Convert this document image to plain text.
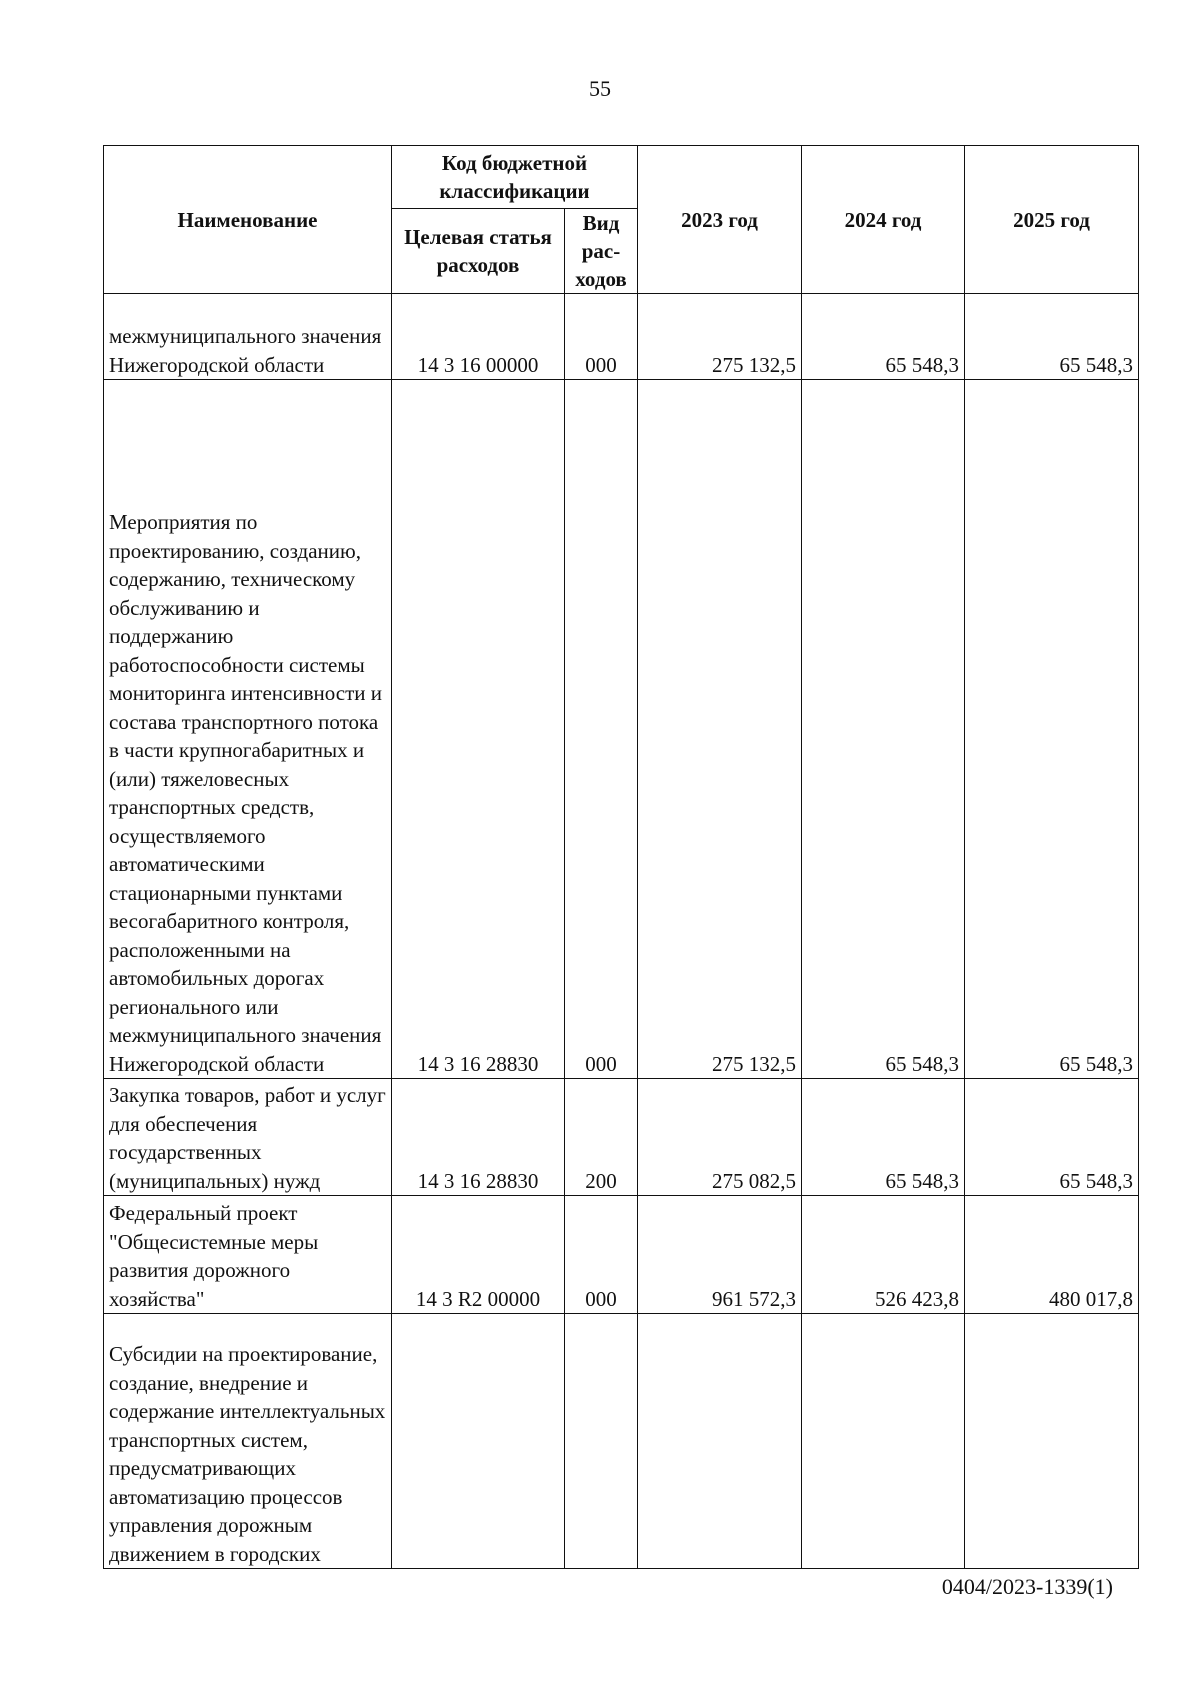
55
Наименование	Код бюджетной классификации		2023 год	2024 год	2025 год
	Целевая статья расходов	Вид рас-ходов			
межмуниципального значения Нижегородской области	14 3 16 00000	000	275 132,5	65 548,3	65 548,3
Мероприятия по проектированию, созданию, содержанию, техническому обслуживанию и поддержанию работоспособности системы мониторинга интенсивности и состава транспортного потока в части крупногабаритных и (или) тяжеловесных транспортных средств, осуществляемого автоматическими стационарными пунктами весогабаритного контроля, расположенными на автомобильных дорогах регионального или межмуниципального значения Нижегородской области	14 3 16 28830	000	275 132,5	65 548,3	65 548,3
Закупка товаров, работ и услуг для обеспечения государственных (муниципальных) нужд	14 3 16 28830	200	275 082,5	65 548,3	65 548,3
Федеральный проект "Общесистемные меры развития дорожного хозяйства"	14 3 R2 00000	000	961 572,3	526 423,8	480 017,8
Субсидии на проектирование, создание, внедрение и содержание интеллектуальных транспортных систем, предусматривающих автоматизацию процессов управления дорожным движением в городских					
0404/2023-1339(1)
